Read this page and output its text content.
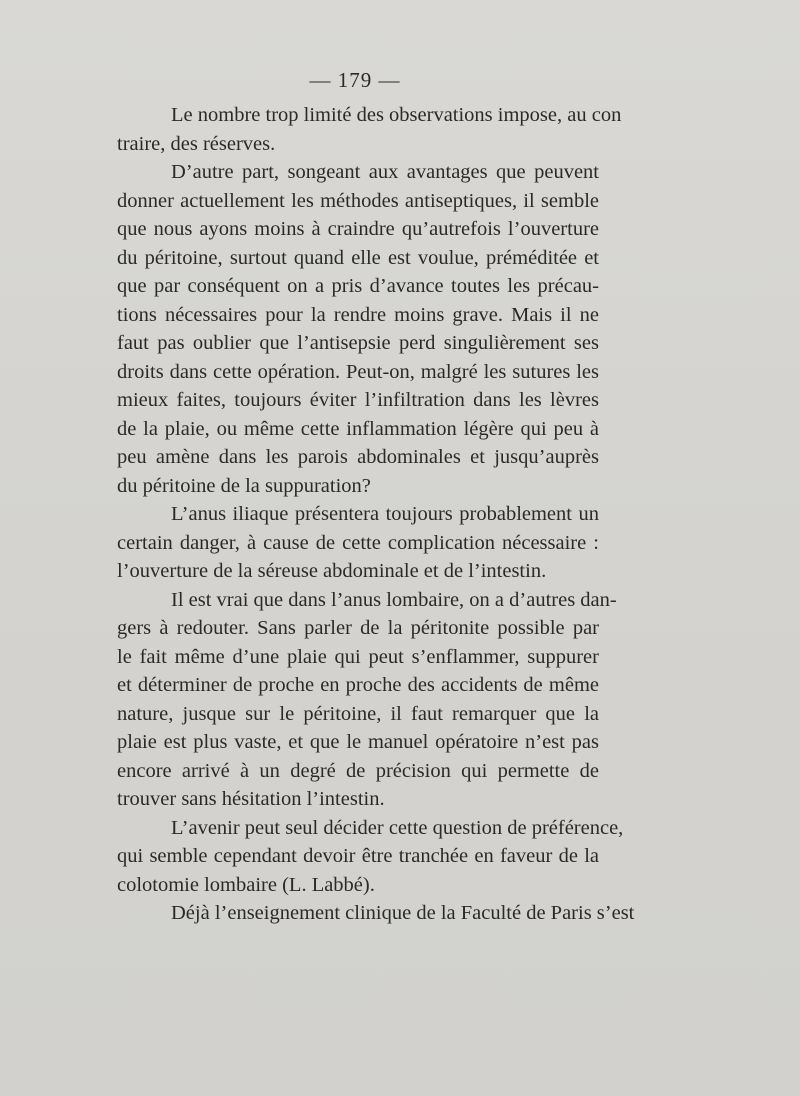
— 179 —

Le nombre trop limité des observations impose, au con
traire, des réserves.

D’autre part, songeant aux avantages que peuvent
donner actuellement les méthodes antiseptiques, il semble
que nous ayons moins à craindre qu’autrefois l’ouverture
du péritoine, surtout quand elle est voulue, préméditée et
que par conséquent on a pris d’avance toutes les précau-
tions nécessaires pour la rendre moins grave. Mais il ne
faut pas oublier que l’antisepsie perd singulièrement ses
droits dans cette opération. Peut-on, malgré les sutures les
mieux faites, toujours éviter l’infiltration dans les lèvres
de la plaie, ou même cette inflammation légère qui peu à
peu amène dans les parois abdominales et jusqu’auprès
du péritoine de la suppuration?

L’anus iliaque présentera toujours probablement un
certain danger, à cause de cette complication nécessaire :
l’ouverture de la séreuse abdominale et de l’intestin.

Il est vrai que dans l’anus lombaire, on a d’autres dan-
gers à redouter. Sans parler de la péritonite possible par
le fait même d’une plaie qui peut s’enflammer, suppurer
et déterminer de proche en proche des accidents de même
nature, jusque sur le péritoine, il faut remarquer que la
plaie est plus vaste, et que le manuel opératoire n’est pas
encore arrivé à un degré de précision qui permette de
trouver sans hésitation l’intestin.

L’avenir peut seul décider cette question de préférence,
qui semble cependant devoir être tranchée en faveur de la
colotomie lombaire (L. Labbé).

Déjà l’enseignement clinique de la Faculté de Paris s’est
